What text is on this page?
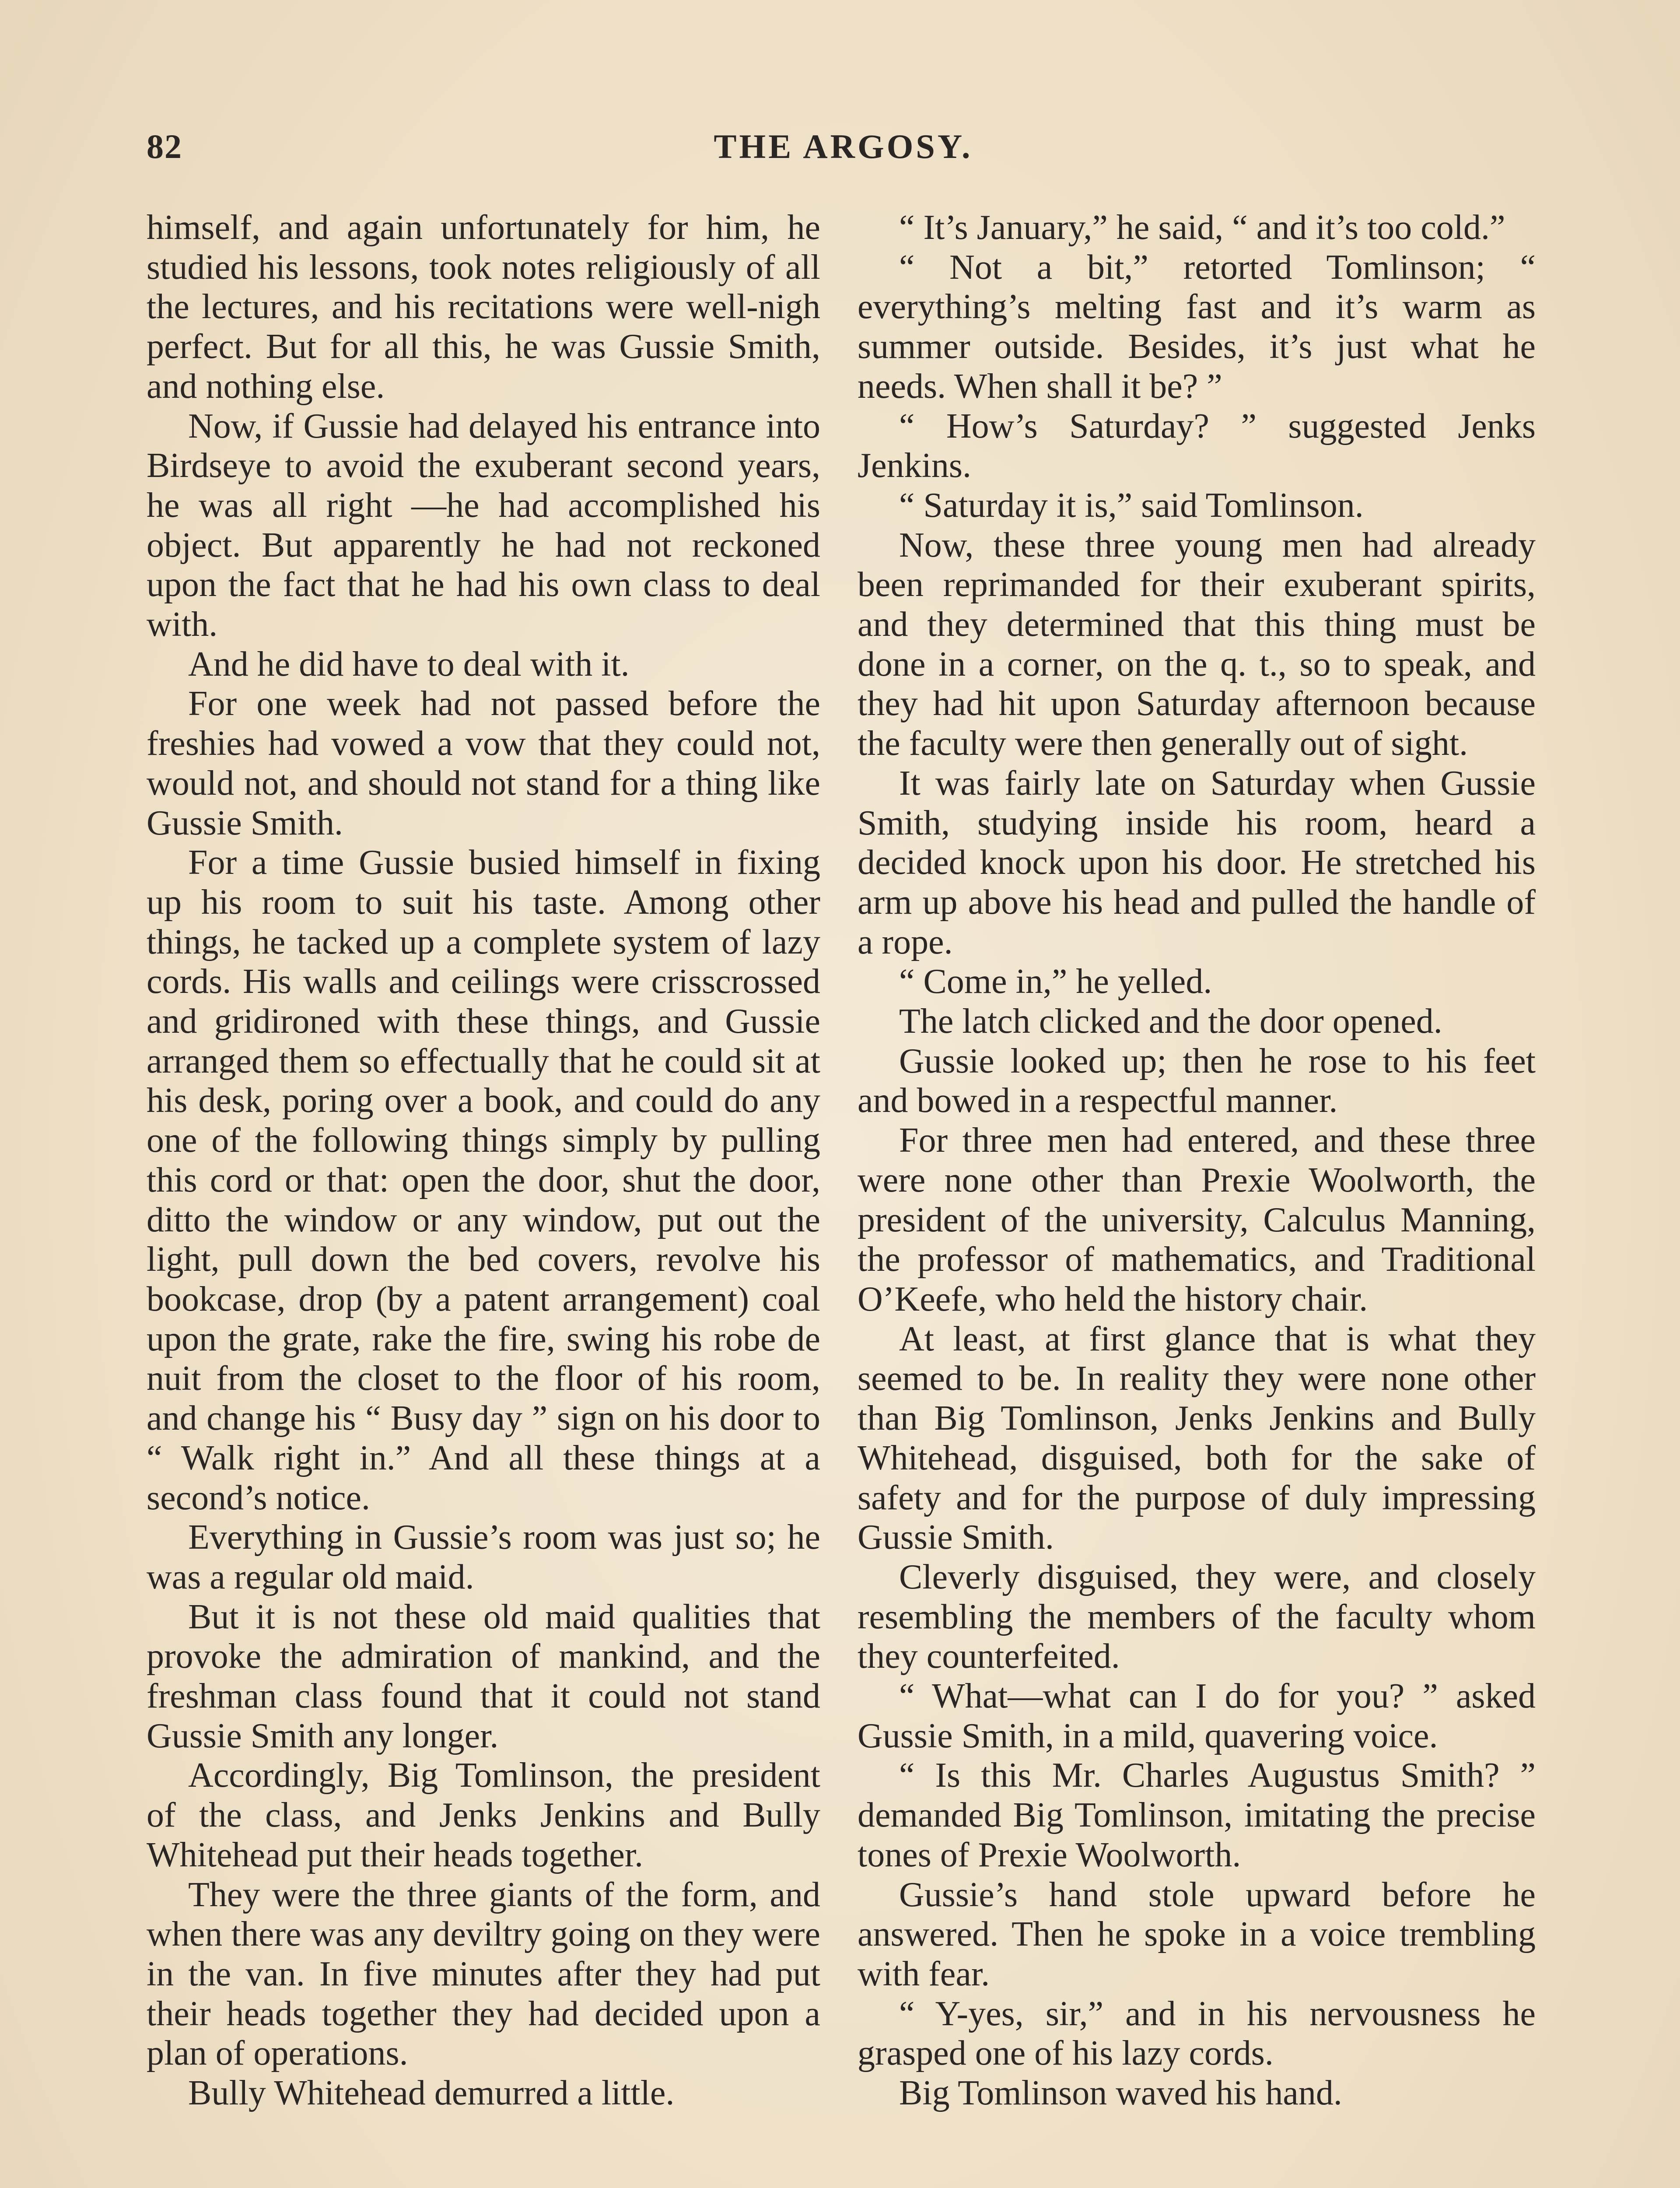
82	THE ARGOSY.

himself, and again unfortunately for him, he studied his lessons, took notes religiously of all the lectures, and his recitations were well-nigh perfect. But for all this, he was Gussie Smith, and nothing else.

Now, if Gussie had delayed his entrance into Birdseye to avoid the exuberant second years, he was all right —he had accomplished his object. But apparently he had not reckoned upon the fact that he had his own class to deal with.

And he did have to deal with it.

For one week had not passed before the freshies had vowed a vow that they could not, would not, and should not stand for a thing like Gussie Smith.

For a time Gussie busied himself in fixing up his room to suit his taste. Among other things, he tacked up a complete system of lazy cords. His walls and ceilings were crisscrossed and gridironed with these things, and Gussie arranged them so effectually that he could sit at his desk, poring over a book, and could do any one of the following things simply by pulling this cord or that: open the door, shut the door, ditto the window or any window, put out the light, pull down the bed covers, revolve his bookcase, drop (by a patent arrangement) coal upon the grate, rake the fire, swing his robe de nuit from the closet to the floor of his room, and change his “ Busy day ” sign on his door to “ Walk right in.” And all these things at a second’s notice.

Everything in Gussie’s room was just so; he was a regular old maid.

But it is not these old maid qualities that provoke the admiration of mankind, and the freshman class found that it could not stand Gussie Smith any longer.

Accordingly, Big Tomlinson, the president of the class, and Jenks Jenkins and Bully Whitehead put their heads together.

They were the three giants of the form, and when there was any deviltry going on they were in the van. In five minutes after they had put their heads together they had decided upon a plan of operations.

Bully Whitehead demurred a little.

“ It’s January,” he said, “ and it’s too cold.”

“ Not a bit,” retorted Tomlinson; “ everything’s melting fast and it’s warm as summer outside. Besides, it’s just what he needs. When shall it be? ”

“ How’s Saturday? ” suggested Jenks Jenkins.

“ Saturday it is,” said Tomlinson.

Now, these three young men had already been reprimanded for their exuberant spirits, and they determined that this thing must be done in a corner, on the q. t., so to speak, and they had hit upon Saturday afternoon because the faculty were then generally out of sight.

It was fairly late on Saturday when Gussie Smith, studying inside his room, heard a decided knock upon his door. He stretched his arm up above his head and pulled the handle of a rope.

“ Come in,” he yelled.

The latch clicked and the door opened.

Gussie looked up; then he rose to his feet and bowed in a respectful manner.

For three men had entered, and these three were none other than Prexie Woolworth, the president of the university, Calculus Manning, the professor of mathematics, and Traditional O’Keefe, who held the history chair.

At least, at first glance that is what they seemed to be. In reality they were none other than Big Tomlinson, Jenks Jenkins and Bully Whitehead, disguised, both for the sake of safety and for the purpose of duly impressing Gussie Smith.

Cleverly disguised, they were, and closely resembling the members of the faculty whom they counterfeited.

“ What—what can I do for you? ” asked Gussie Smith, in a mild, quavering voice.

“ Is this Mr. Charles Augustus Smith? ” demanded Big Tomlinson, imitating the precise tones of Prexie Woolworth.

Gussie’s hand stole upward before he answered. Then he spoke in a voice trembling with fear.

“ Y-yes, sir,” and in his nervousness he grasped one of his lazy cords.

Big Tomlinson waved his hand.
